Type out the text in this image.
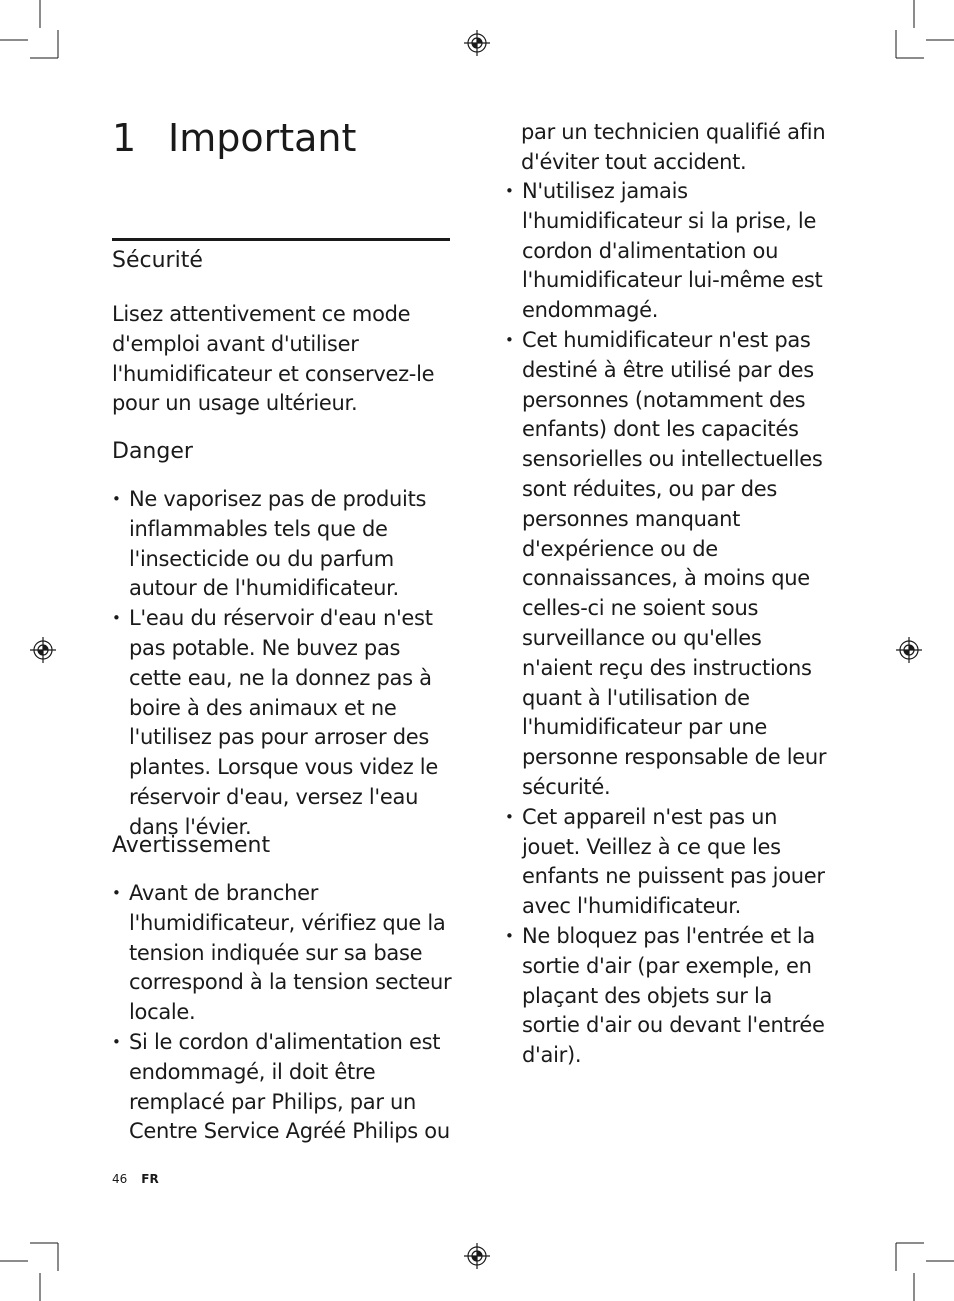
1 Important
Sécurité

Lisez attentivement ce mode d'emploi avant d'utiliser l'humidificateur et conservez-le pour un usage ultérieur.

Danger
• Ne vaporisez pas de produits inflammables tels que de l'insecticide ou du parfum autour de l'humidificateur.
• L'eau du réservoir d'eau n'est pas potable. Ne buvez pas cette eau, ne la donnez pas à boire à des animaux et ne l'utilisez pas pour arroser des plantes. Lorsque vous videz le réservoir d'eau, versez l'eau dans l'évier.
Avertissement
• Avant de brancher l'humidificateur, vérifiez que la tension indiquée sur sa base correspond à la tension secteur locale.
• Si le cordon d'alimentation est endommagé, il doit être remplacé par Philips, par un Centre Service Agréé Philips ou

par un technicien qualifié afin d'éviter tout accident.

• N'utilisez jamais l'humidificateur si la prise, le cordon d'alimentation ou l'humidificateur lui-même est endommagé.
• Cet humidificateur n'est pas destiné à être utilisé par des personnes (notamment des enfants) dont les capacités sensorielles ou intellectuelles sont réduites, ou par des personnes manquant d'expérience ou de connaissances, à moins que celles-ci ne soient sous surveillance ou qu'elles n'aient reçu des instructions quant à l'utilisation de l'humidificateur par une personne responsable de leur sécurité.
• Cet appareil n'est pas un jouet. Veillez à ce que les enfants ne puissent pas jouer avec l'humidificateur.
• Ne bloquez pas l'entrée et la sortie d'air (par exemple, en plaçant des objets sur la sortie d'air ou devant l'entrée d'air).
46 FR
